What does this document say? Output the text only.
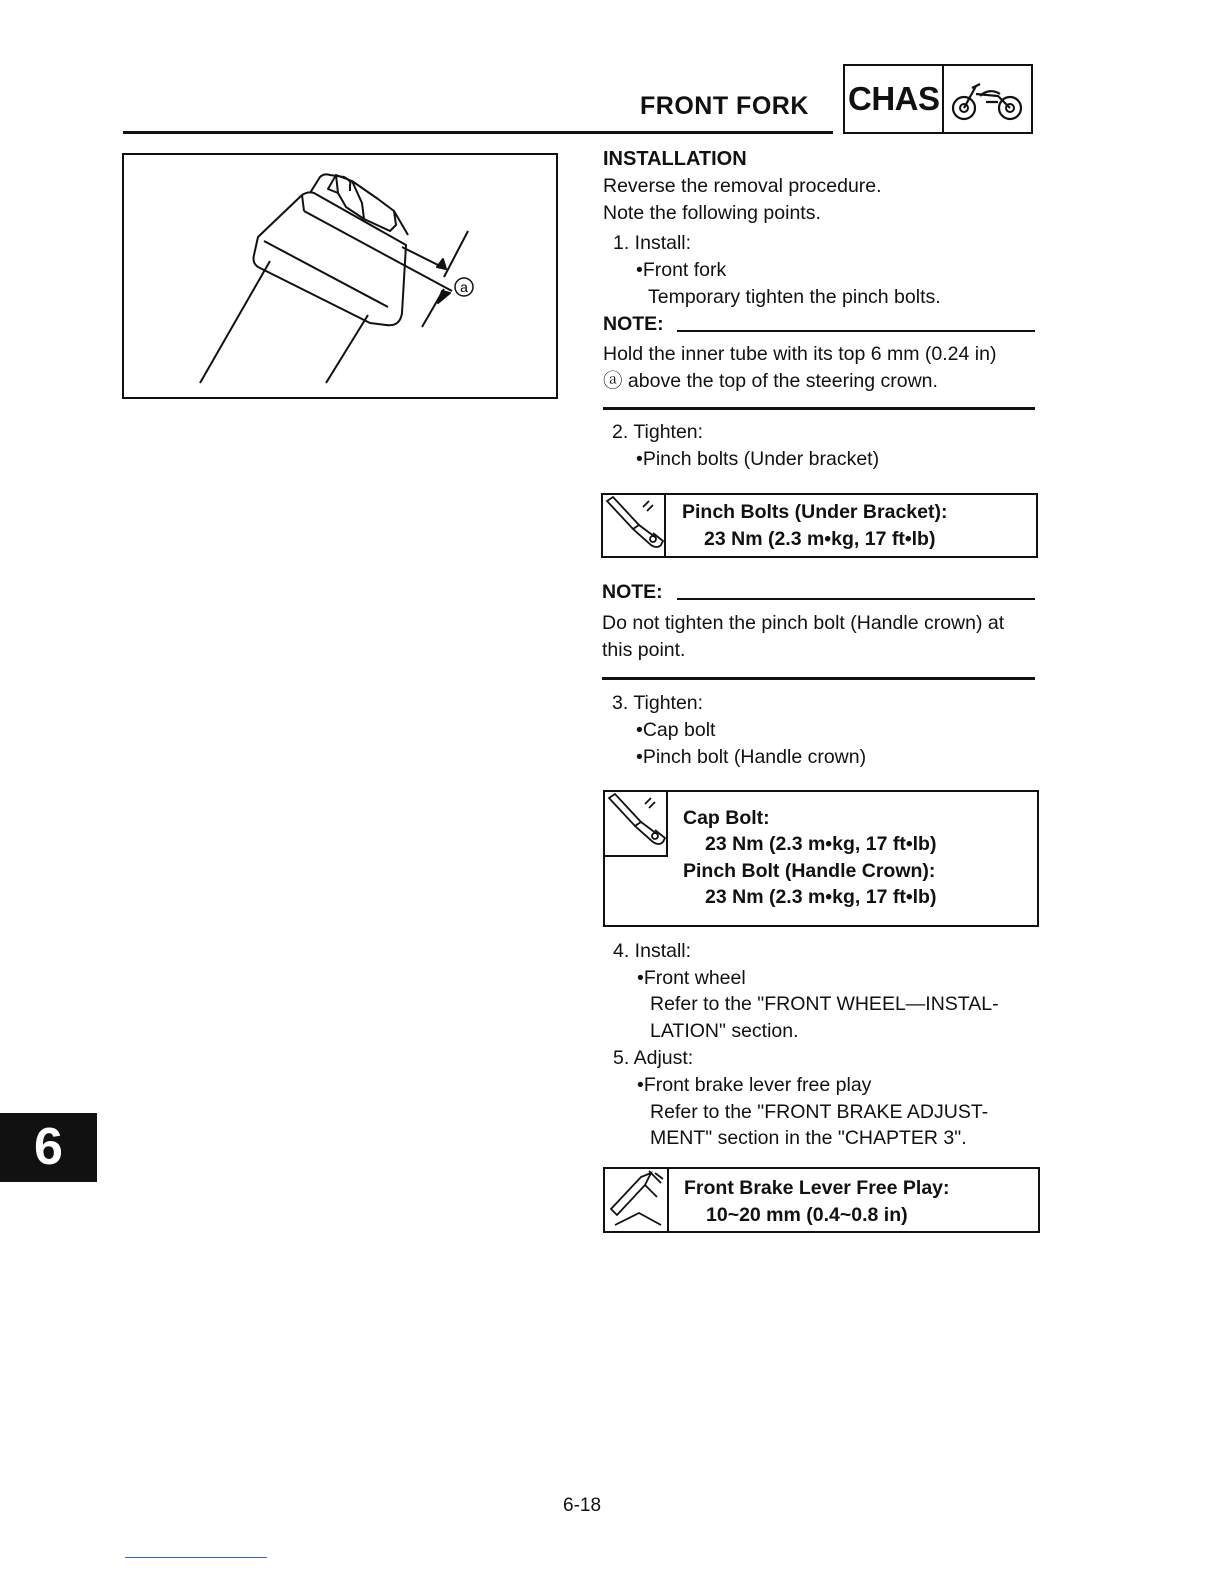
FRONT FORK CHAS
a
INSTALLATION
Reverse the removal procedure.
Note the following points.
1. Install:
•Front fork
Temporary tighten the pinch bolts.
NOTE:
Hold the inner tube with its top 6 mm (0.24 in)
ⓐ above the top of the steering crown.
2. Tighten:
•Pinch bolts (Under bracket)
Pinch Bolts (Under Bracket):
23 Nm (2.3 m•kg, 17 ft•lb)
NOTE:
Do not tighten the pinch bolt (Handle crown) at
this point.
3. Tighten:
•Cap bolt
•Pinch bolt (Handle crown)
Cap Bolt:
23 Nm (2.3 m•kg, 17 ft•lb)
Pinch Bolt (Handle Crown):
23 Nm (2.3 m•kg, 17 ft•lb)
4. Install:
•Front wheel
Refer to the "FRONT WHEEL—INSTAL-
LATION" section.
5. Adjust:
•Front brake lever free play
Refer to the "FRONT BRAKE ADJUST-
MENT" section in the "CHAPTER 3".
Front Brake Lever Free Play:
10~20 mm (0.4~0.8 in)
6
6-18
